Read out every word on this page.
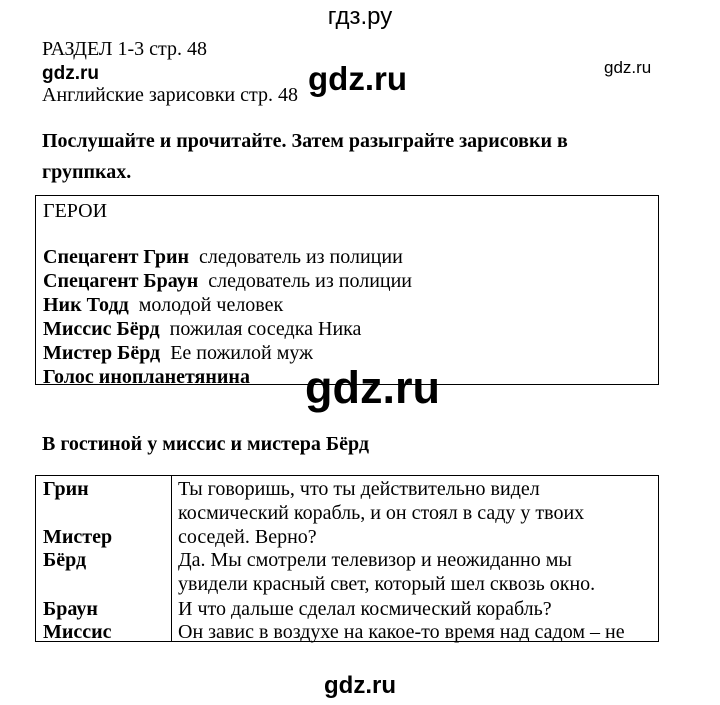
гдз.ру
РАЗДЕЛ 1-3 стр. 48
gdz.ru	gdz.ru	gdz.ru
Английские зарисовки стр. 48
Послушайте и прочитайте. Затем разыграйте зарисовки в группках.
ГЕРОИ
Спецагент Грин следователь из полиции
Спецагент Браун следователь из полиции
Ник Тодд молодой человек
Миссис Бёрд пожилая соседка Ника
Мистер Бёрд Ее пожилой муж
Голос инопланетянина gdz.ru
В гостиной у миссис и мистера Бёрд
Грин
Мистер
Бёрд
Браун
Миссис
Ты говоришь, что ты действительно видел
космический корабль, и он стоял в саду у твоих
соседей. Верно?
Да. Мы смотрели телевизор и неожиданно мы
увидели красный свет, который шел сквозь окно.
И что дальше сделал космический корабль?
Он завис в воздухе на какое-то время над садом – не
gdz.ru
